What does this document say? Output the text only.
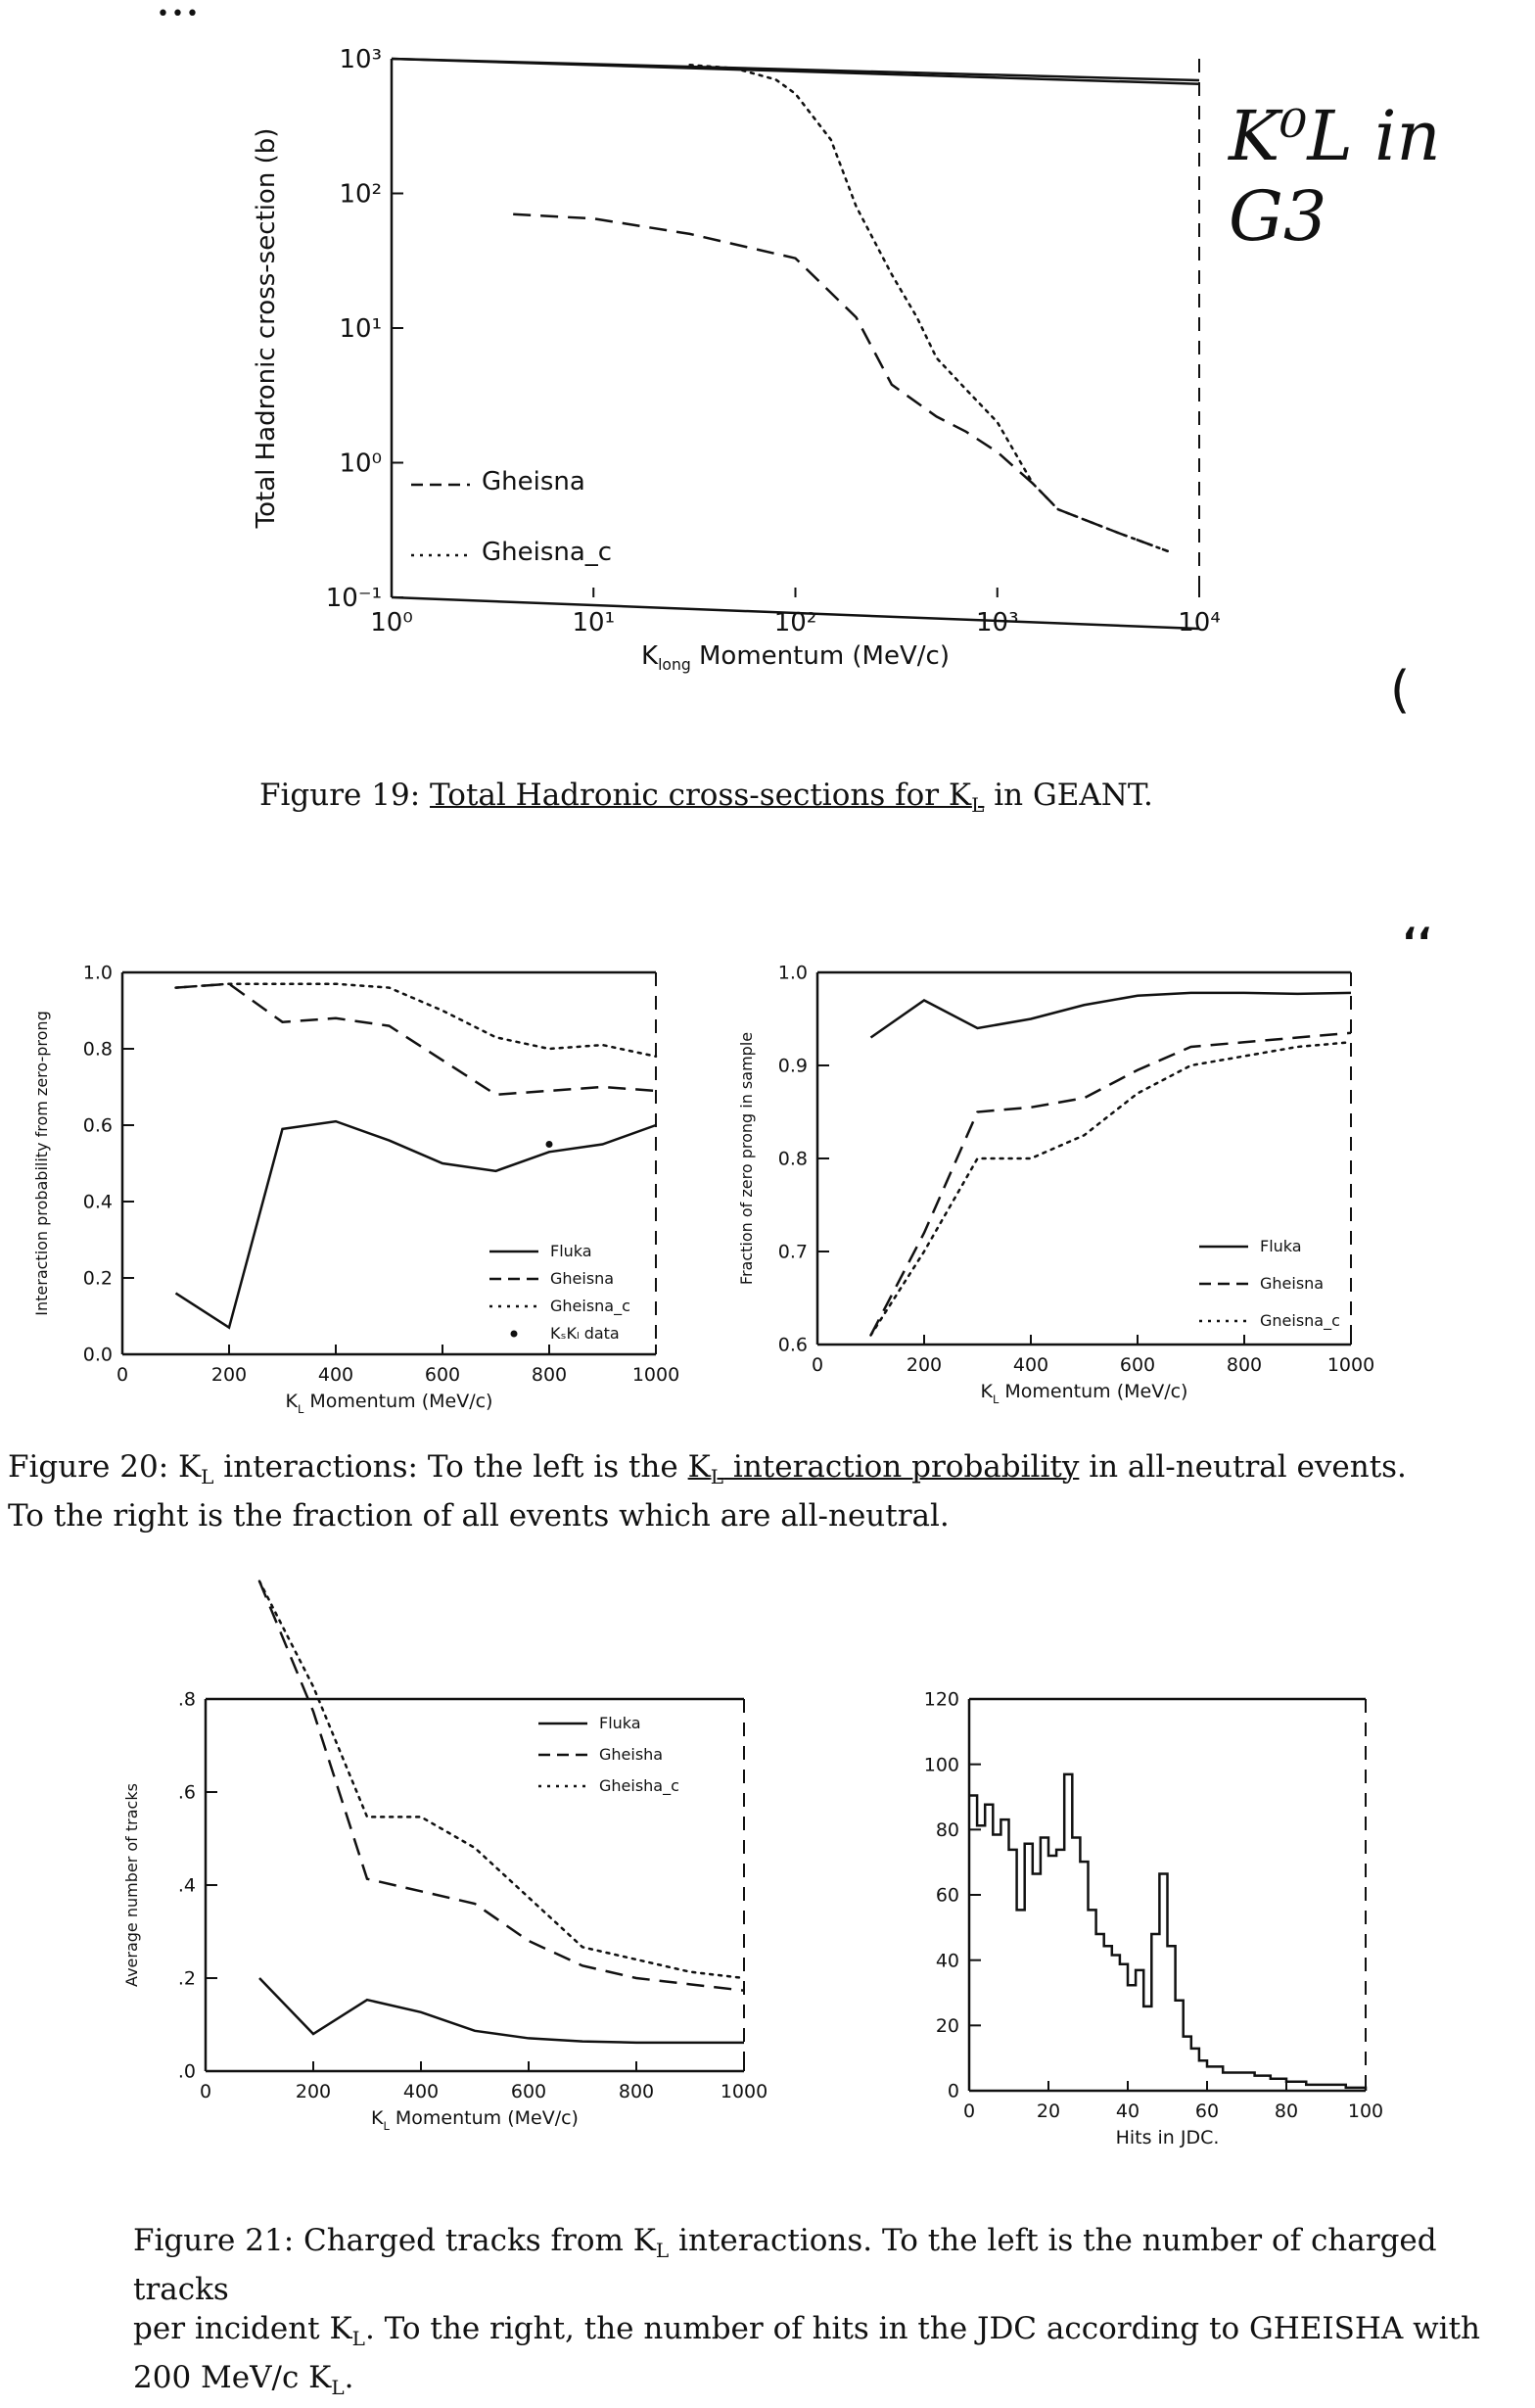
•••
K⁰L in G3
(
‘‘
10⁰	10¹	10²	10³	10⁴
10⁻¹
10⁰
10¹
10²
10³
$K_{long}$ Momentum (MeV/c)
Total Hadronic cross-section (b)	Gheisna
Gheisna_c

Figure 19: Total Hadronic cross-sections for $K_L$ in GEANT.

0	200	400	600	800	1000
0.0
0.2
0.4
0.6
0.8
1.0
$K_L$ Momentum (MeV/c)
Interaction probability from zero-prong	Fluka
Gheisna
Gheisna_c
KₛKₗ data
0	200	400	600	800	1000
0.6
0.7
0.8
0.9
1.0
$K_L$ Momentum (MeV/c)
Fraction of zero prong in sample	Fluka
Gheisna
Gneisna_c

Figure 20: $K_L$ interactions: To the left is the $K_L$ interaction probability in all-neutral events.
To the right is the fraction of all events which are all-neutral.

0	200	400	600	800	1000
.0
.2
.4
.6
.8
$K_L$ Momentum (MeV/c)
Average number of tracks
Fluka
Gheisha
Gheisha_c
0	20	40	60	80	100
0
20
40
60
80
100
120
Hits in JDC.

Figure 21: Charged tracks from $K_L$ interactions. To the left is the number of charged tracks
per incident $K_L$. To the right, the number of hits in the JDC according to GHEISHA with
200 MeV/c $K_L$.
